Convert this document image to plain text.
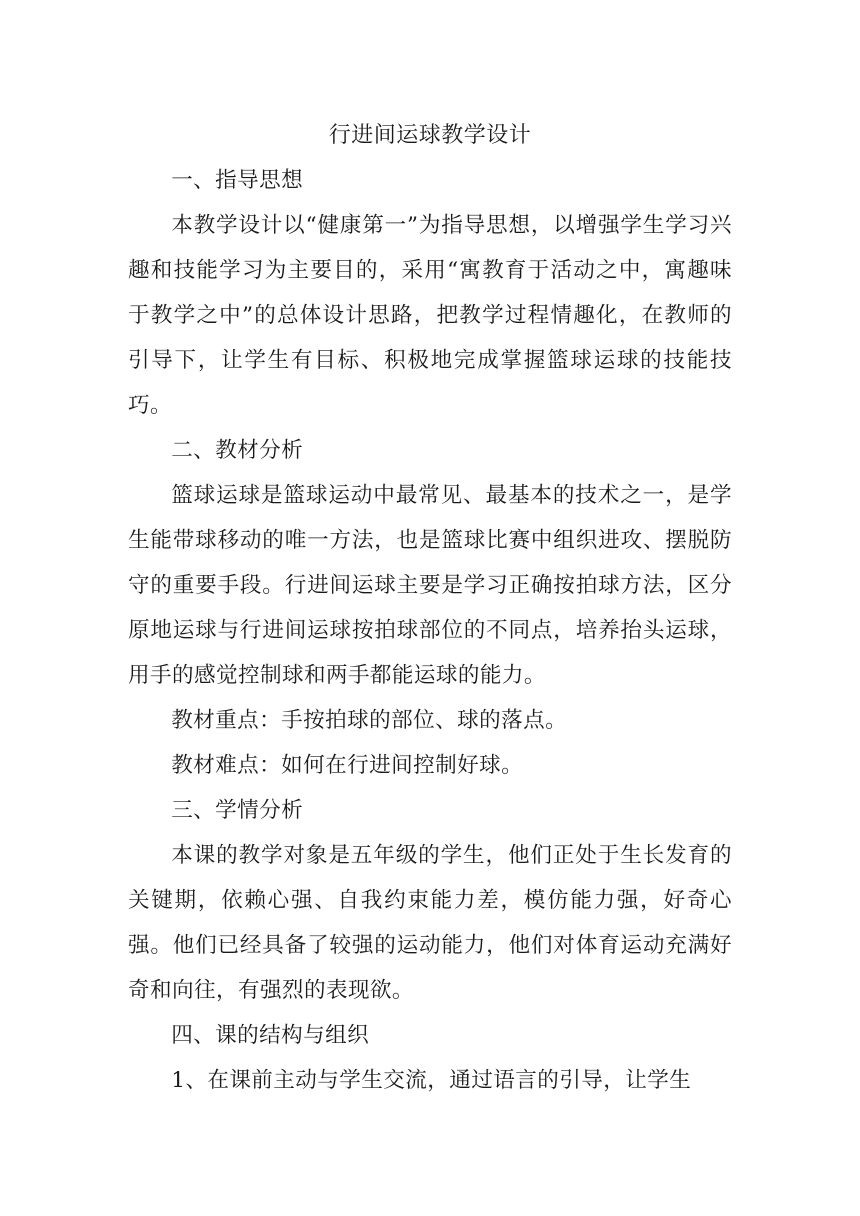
行进间运球教学设计

一、指导思想

本教学设计以“健康第一”为指导思想，以增强学生学习兴趣和技能学习为主要目的，采用“寓教育于活动之中，寓趣味于教学之中”的总体设计思路，把教学过程情趣化，在教师的引导下，让学生有目标、积极地完成掌握篮球运球的技能技巧。

二、教材分析

篮球运球是篮球运动中最常见、最基本的技术之一，是学生能带球移动的唯一方法，也是篮球比赛中组织进攻、摆脱防守的重要手段。行进间运球主要是学习正确按拍球方法，区分原地运球与行进间运球按拍球部位的不同点，培养抬头运球，用手的感觉控制球和两手都能运球的能力。

教材重点：手按拍球的部位、球的落点。

教材难点：如何在行进间控制好球。

三、学情分析

本课的教学对象是五年级的学生，他们正处于生长发育的关键期，依赖心强、自我约束能力差，模仿能力强，好奇心强。他们已经具备了较强的运动能力，他们对体育运动充满好奇和向往，有强烈的表现欲。

四、课的结构与组织

1、在课前主动与学生交流，通过语言的引导，让学生
